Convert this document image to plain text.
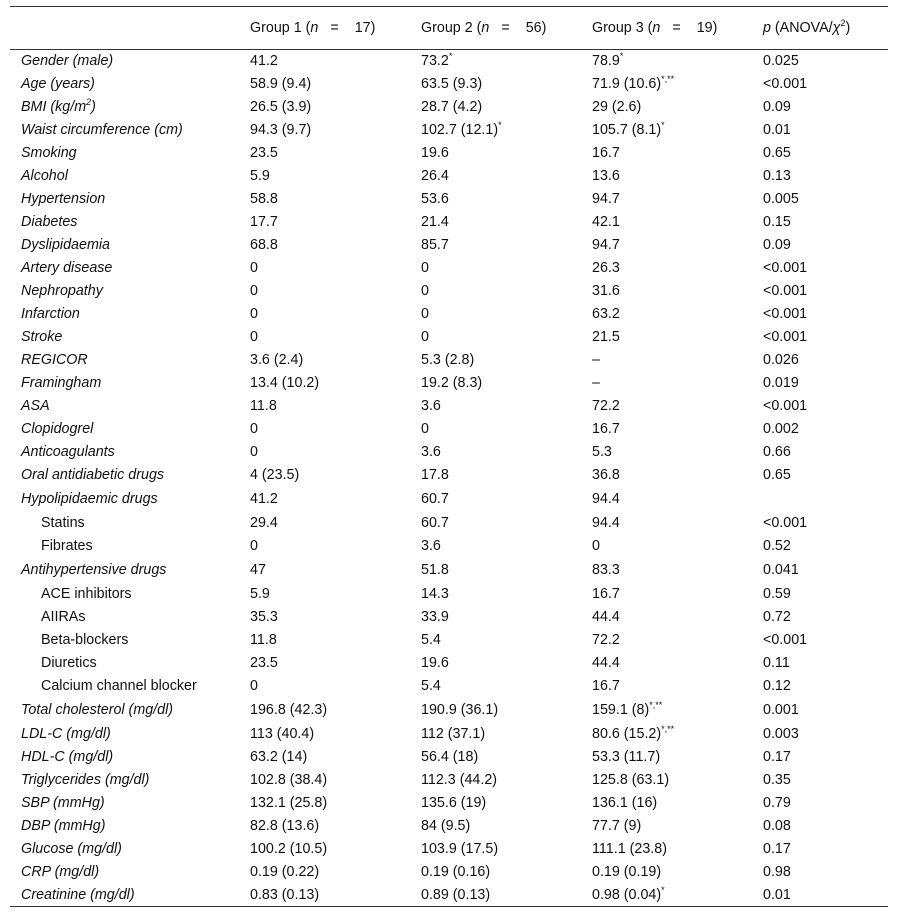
	Group 1 (n = 17)	Group 2 (n = 56)	Group 3 (n = 19)	p $(ANOVA/\chi^2)$
Gender (male)	41.2	73.2*	78.9*	0.025
Age (years)	58.9 (9.4)	63.5 (9.3)	71.9 (10.6)*,**	<0.001
BMI $(kg/m^2)$	26.5 (3.9)	28.7 (4.2)	29 (2.6)	0.09
Waist circumference (cm)	94.3 (9.7)	102.7 (12.1)*	105.7 (8.1)*	0.01
Smoking	23.5	19.6	16.7	0.65
Alcohol	5.9	26.4	13.6	0.13
Hypertension	58.8	53.6	94.7	0.005
Diabetes	17.7	21.4	42.1	0.15
Dyslipidaemia	68.8	85.7	94.7	0.09
Artery disease	0	0	26.3	<0.001
Nephropathy	0	0	31.6	<0.001
Infarction	0	0	63.2	<0.001
Stroke	0	0	21.5	<0.001
REGICOR	3.6 (2.4)	5.3 (2.8)	–	0.026
Framingham	13.4 (10.2)	19.2 (8.3)	–	0.019
ASA	11.8	3.6	72.2	<0.001
Clopidogrel	0	0	16.7	0.002
Anticoagulants	0	3.6	5.3	0.66
Oral antidiabetic drugs	4 (23.5)	17.8	36.8	0.65
Hypolipidaemic drugs	41.2	60.7	94.4	
Statins	29.4	60.7	94.4	<0.001
Fibrates	0	3.6	0	0.52
Antihypertensive drugs	47	51.8	83.3	0.041
ACE inhibitors	5.9	14.3	16.7	0.59
AIIRAs	35.3	33.9	44.4	0.72
Beta-blockers	11.8	5.4	72.2	<0.001
Diuretics	23.5	19.6	44.4	0.11
Calcium channel blocker	0	5.4	16.7	0.12
Total cholesterol (mg/dl)	196.8 (42.3)	190.9 (36.1)	159.1 (8)*,**	0.001
LDL-C (mg/dl)	113 (40.4)	112 (37.1)	80.6 (15.2)*,**	0.003
HDL-C (mg/dl)	63.2 (14)	56.4 (18)	53.3 (11.7)	0.17
Triglycerides (mg/dl)	102.8 (38.4)	112.3 (44.2)	125.8 (63.1)	0.35
SBP (mmHg)	132.1 (25.8)	135.6 (19)	136.1 (16)	0.79
DBP (mmHg)	82.8 (13.6)	84 (9.5)	77.7 (9)	0.08
Glucose (mg/dl)	100.2 (10.5)	103.9 (17.5)	111.1 (23.8)	0.17
CRP (mg/dl)	0.19 (0.22)	0.19 (0.16)	0.19 (0.19)	0.98
Creatinine (mg/dl)	0.83 (0.13)	0.89 (0.13)	0.98 (0.04)*	0.01
